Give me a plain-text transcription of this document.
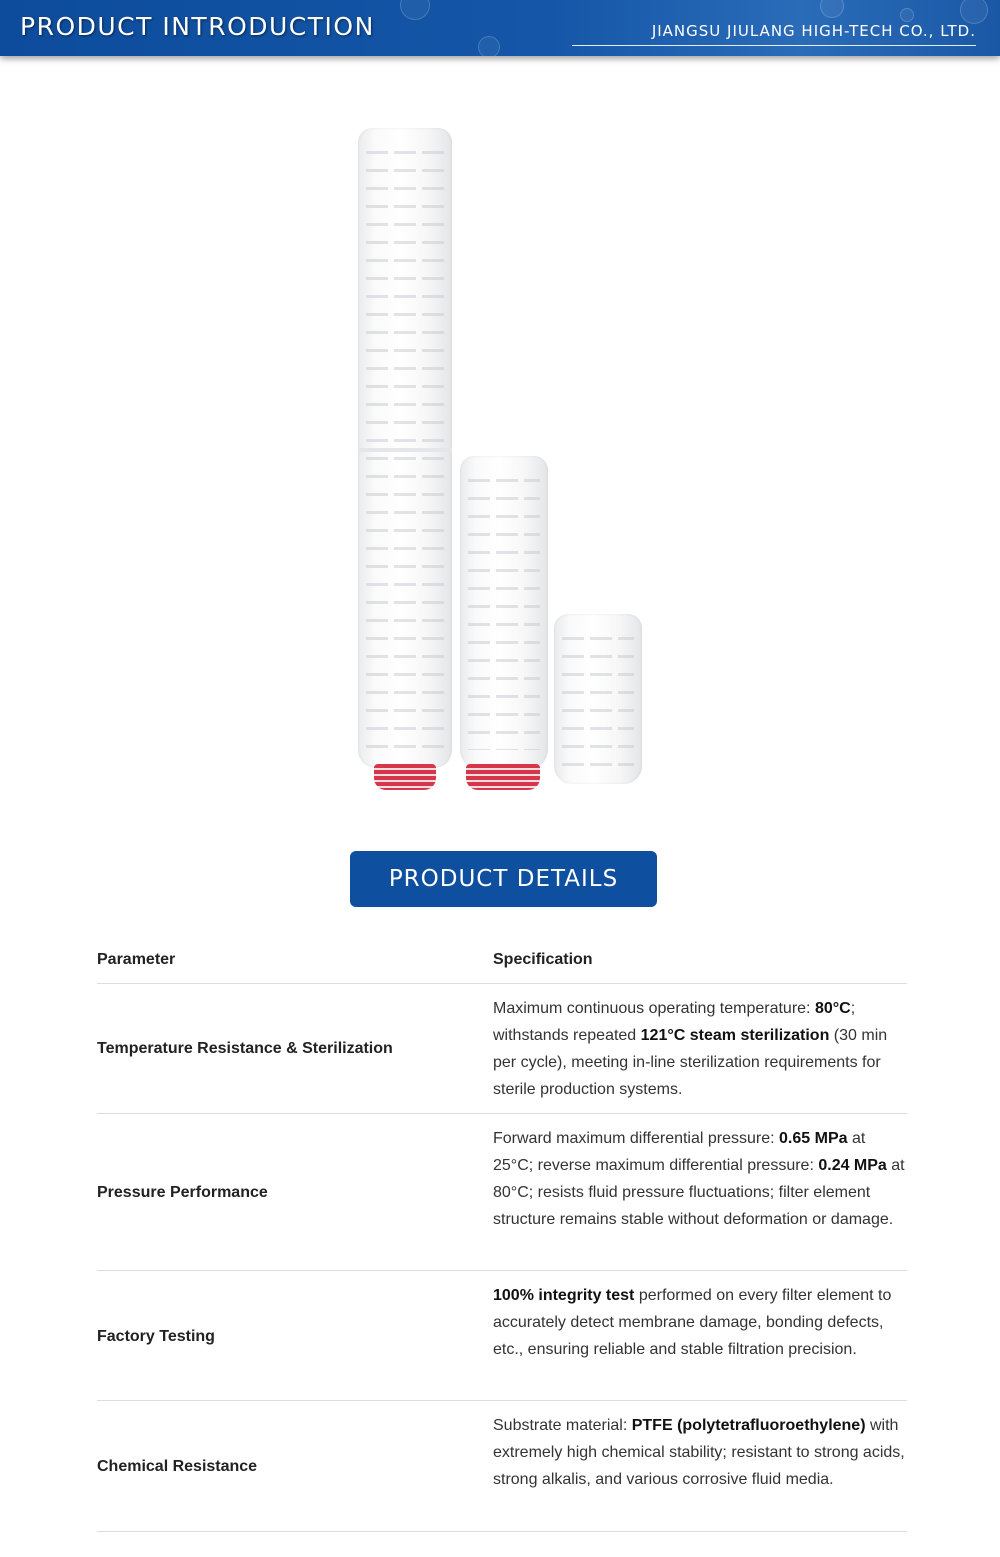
PRODUCT INTRODUCTION	JIANGSU JIULANG HIGH-TECH CO., LTD.
PRODUCT DETAILS
Parameter	Specification
Temperature Resistance & Sterilization
Maximum continuous operating temperature: 80°C; withstands repeated 121°C steam sterilization (30 min per cycle), meeting in-line sterilization requirements for sterile production systems.
Pressure Performance
Forward maximum differential pressure: 0.65 MPa at 25°C; reverse maximum differential pressure: 0.24 MPa at 80°C; resists fluid pressure fluctuations; filter element structure remains stable without deformation or damage.
Factory Testing
100% integrity test performed on every filter element to accurately detect membrane damage, bonding defects, etc., ensuring reliable and stable filtration precision.
Chemical Resistance
Substrate material: PTFE (polytetrafluoroethylene) with extremely high chemical stability; resistant to strong acids, strong alkalis, and various corrosive fluid media.
